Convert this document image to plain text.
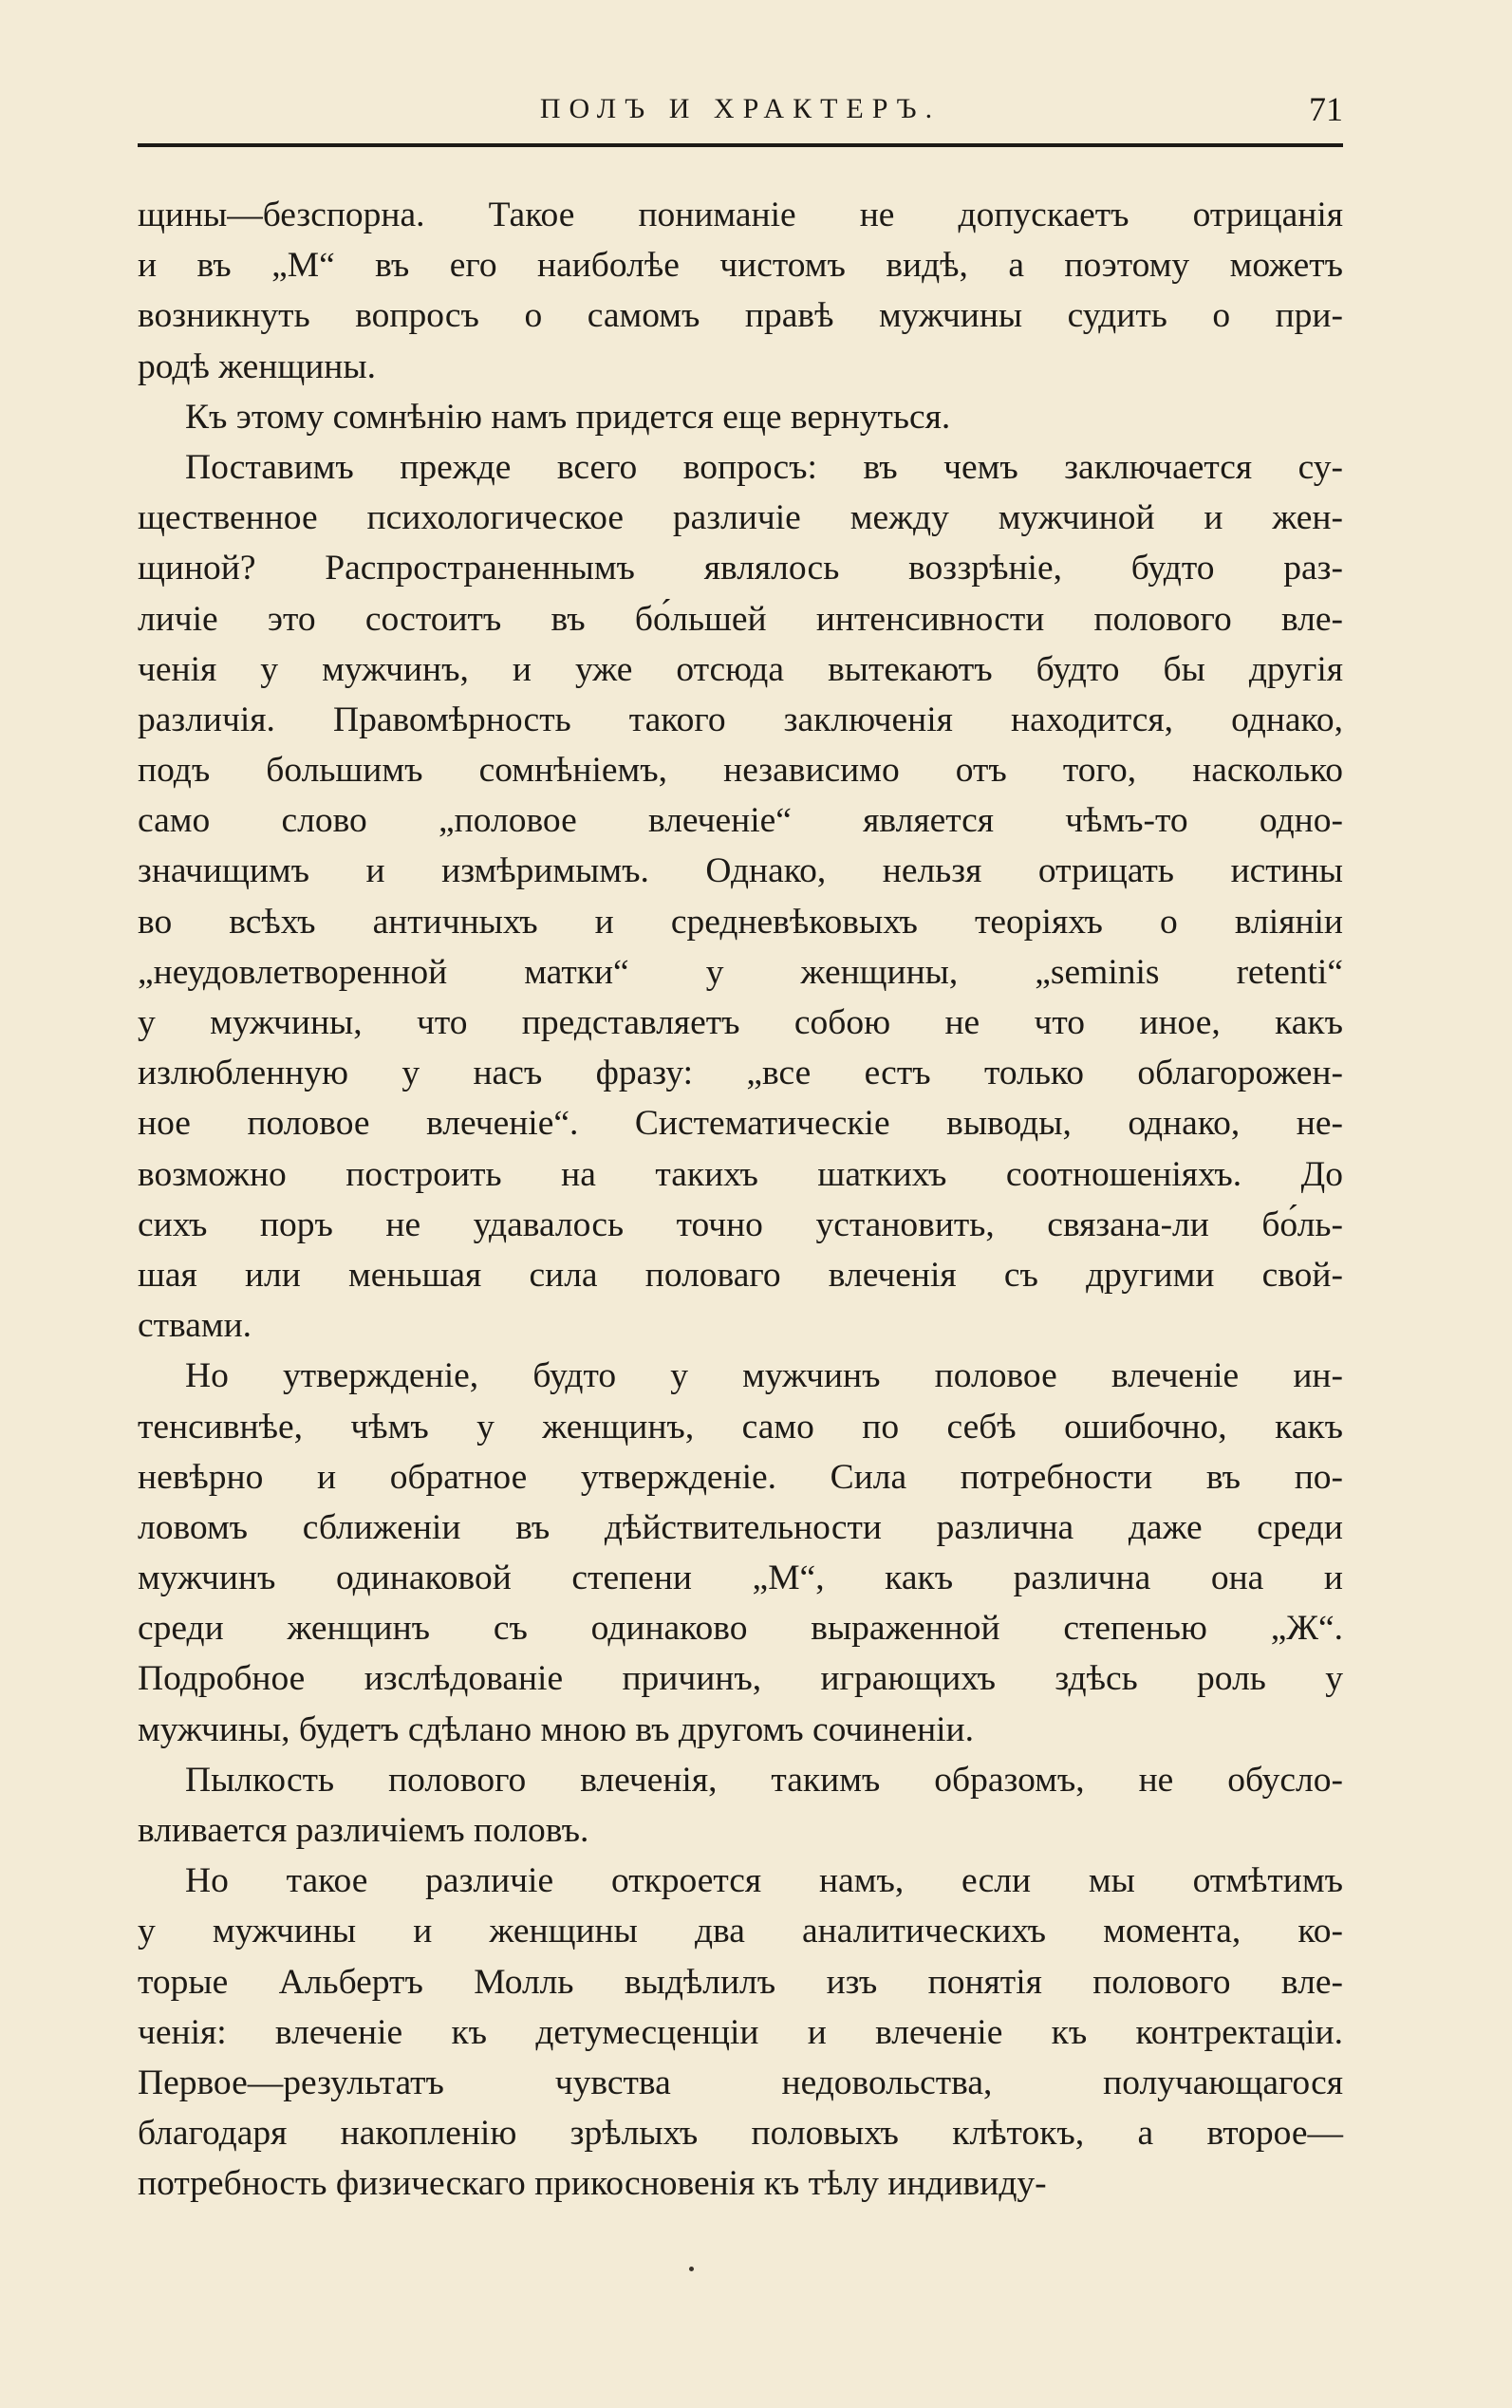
ПОЛЪ И ХРАКТЕРЪ.	71
щины—безспорна. Такое пониманіе не допускаетъ отрицанія
и въ „М“ въ его наиболѣе чистомъ видѣ, а поэтому можетъ
возникнуть вопросъ о самомъ правѣ мужчины судить о при-
родѣ женщины.
Къ этому сомнѣнію намъ придется еще вернуться.
Поставимъ прежде всего вопросъ: въ чемъ заключается су-
щественное психологическое различіе между мужчиной и жен-
щиной? Распространеннымъ являлось воззрѣніе, будто раз-
личіе это состоитъ въ бо́льшей интенсивности полового вле-
ченія у мужчинъ, и уже отсюда вытекаютъ будто бы другія
различія. Правомѣрность такого заключенія находится, однако,
подъ большимъ сомнѣніемъ, независимо отъ того, насколько
само слово „половое влеченіе“ является чѣмъ-то одно-
значищимъ и измѣримымъ. Однако, нельзя отрицать истины
во всѣхъ античныхъ и средневѣковыхъ теоріяхъ о вліяніи
„неудовлетворенной матки“ у женщины, „seminis retenti“
у мужчины, что представляетъ собою не что иное, какъ
излюбленную у насъ фразу: „все естъ только облагорожен-
ное половое влеченіе“. Систематическіе выводы, однако, не-
возможно построить на такихъ шаткихъ соотношеніяхъ. До
сихъ поръ не удавалось точно установить, связана-ли бо́ль-
шая или меньшая сила половаго влеченія съ другими свой-
ствами.
Но утвержденіе, будто у мужчинъ половое влеченіе ин-
тенсивнѣе, чѣмъ у женщинъ, само по себѣ ошибочно, какъ
невѣрно и обратное утвержденіе. Сила потребности въ по-
ловомъ сближеніи въ дѣйствительности различна даже среди
мужчинъ одинаковой степени „М“, какъ различна она и
среди женщинъ съ одинаково выраженной степенью „Ж“.
Подробное изслѣдованіе причинъ, играющихъ здѣсь роль у
мужчины, будетъ сдѣлано мною въ другомъ сочиненіи.
Пылкость полового влеченія, такимъ образомъ, не обусло-
вливается различіемъ половъ.
Но такое различіе откроется намъ, если мы отмѣтимъ
у мужчины и женщины два аналитическихъ момента, ко-
торые Альбертъ Молль выдѣлилъ изъ понятія полового вле-
ченія: влеченіе къ детумесценціи и влеченіе къ контректаціи.
Первое—результатъ чувства недовольства, получающагося
благодаря накопленію зрѣлыхъ половыхъ клѣтокъ, а второе—
потребность физическаго прикосновенія къ тѣлу индивиду-
